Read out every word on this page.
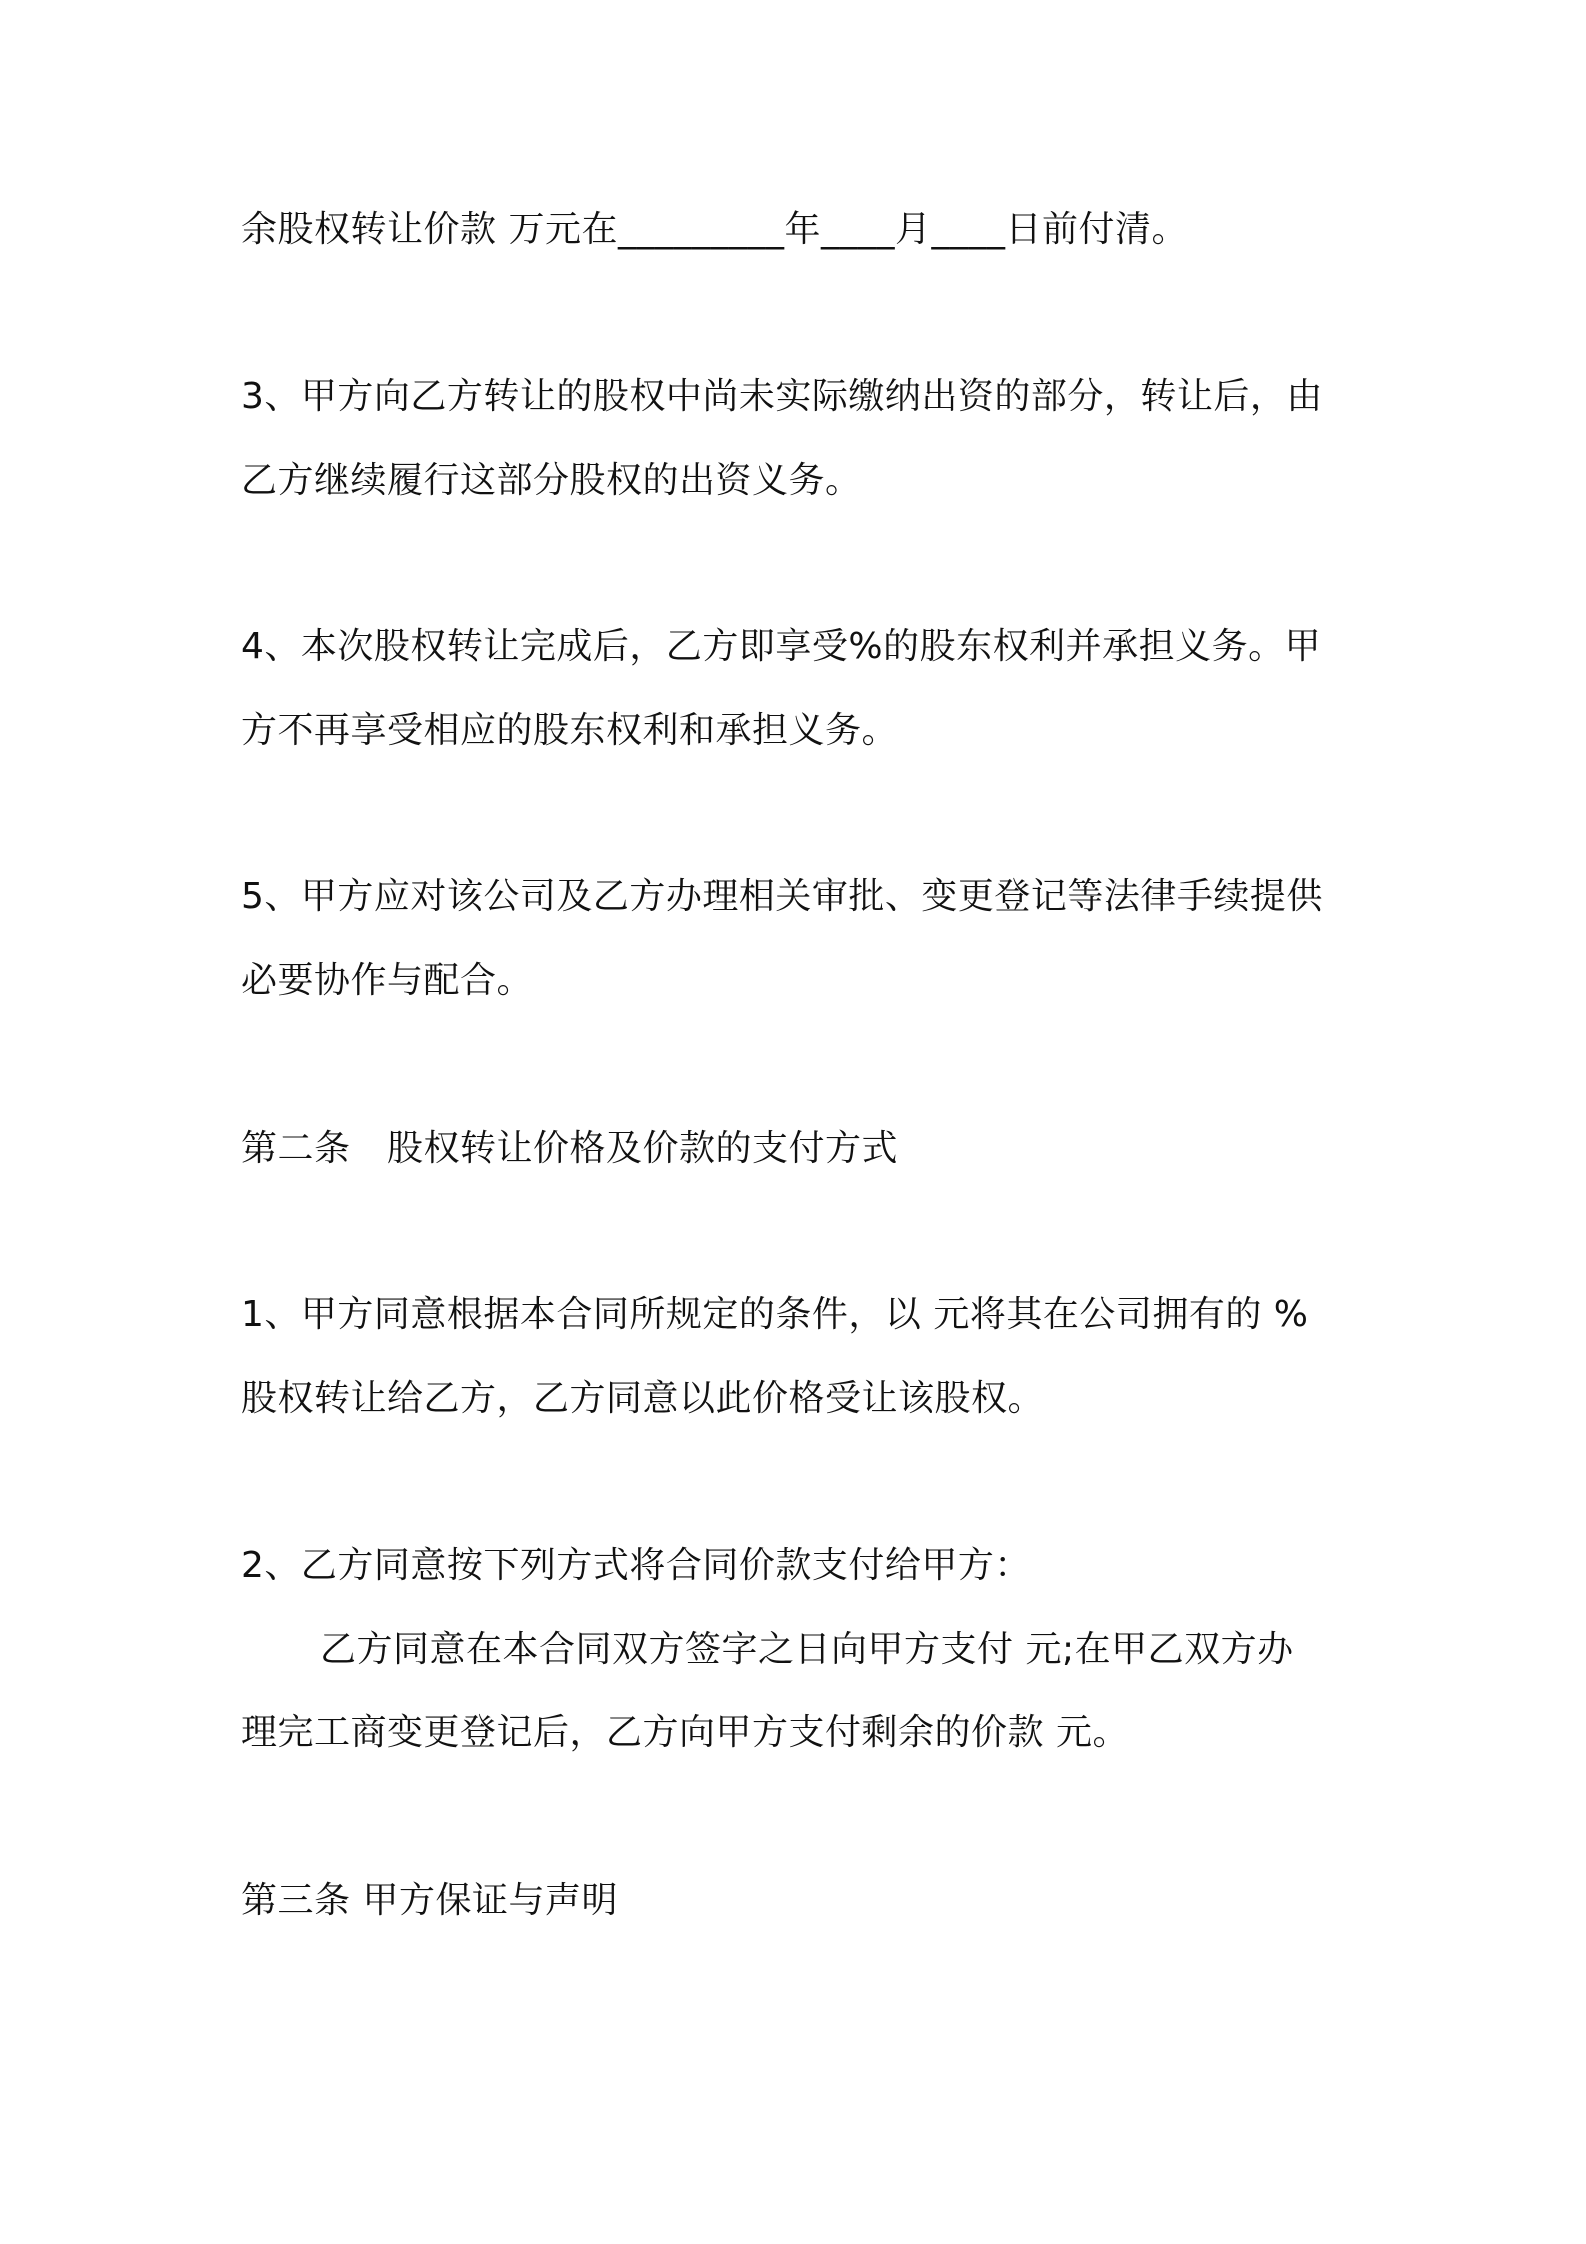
余股权转让价款 万元在_________年____月____日前付清。

3、甲方向乙方转让的股权中尚未实际缴纳出资的部分，转让后，由

乙方继续履行这部分股权的出资义务。

4、本次股权转让完成后，乙方即享受%的股东权利并承担义务。甲

方不再享受相应的股东权利和承担义务。

5、甲方应对该公司及乙方办理相关审批、变更登记等法律手续提供

必要协作与配合。

第二条　股权转让价格及价款的支付方式

1、甲方同意根据本合同所规定的条件，以 元将其在公司拥有的 %

股权转让给乙方，乙方同意以此价格受让该股权。

2、乙方同意按下列方式将合同价款支付给甲方：

乙方同意在本合同双方签字之日向甲方支付 元;在甲乙双方办

理完工商变更登记后，乙方向甲方支付剩余的价款 元。

第三条 甲方保证与声明
